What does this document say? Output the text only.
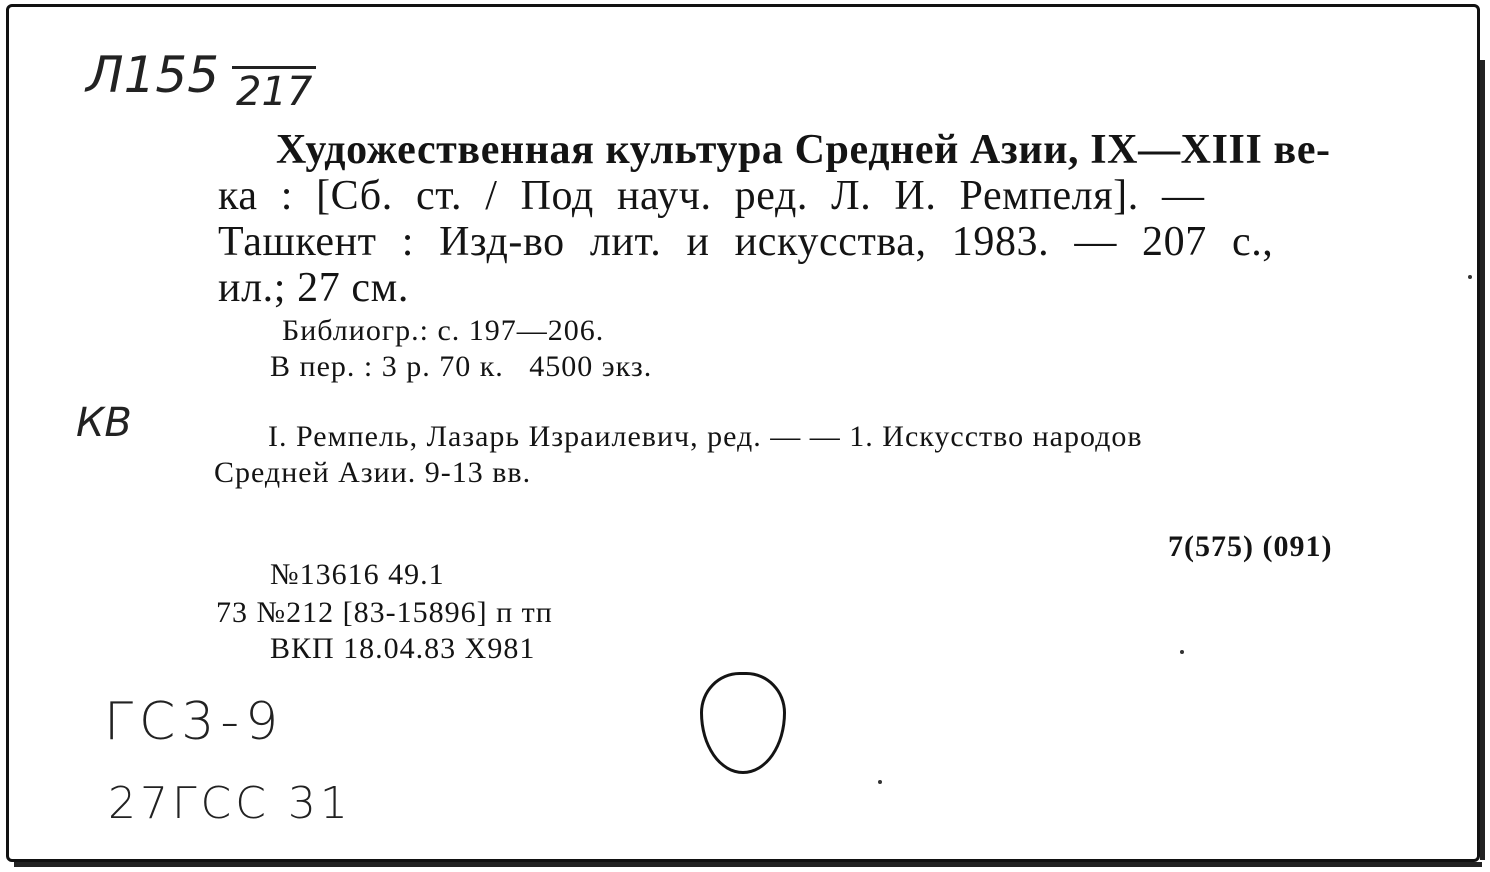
Л155 217

Художественная культура Средней Азии, IX—XIII ве-

ка : [Сб. ст. / Под науч. ред. Л. И. Ремпеля]. —

Ташкент : Изд-во лит. и искусства, 1983. — 207 с.,

ил.; 27 см.

Библиогр.: с. 197—206.

В пер. : 3 р. 70 к.   4500 экз.

КВ	I. Ремпель, Лазарь Израилевич, ред. — — 1. Искусство народов

Средней Азии. 9-13 вв.

7(575) (091)

№13616 49.1

73 №212 [83-15896] п тп

ВКП 18.04.83 Х981

ГС3-9

27ГСС 31
